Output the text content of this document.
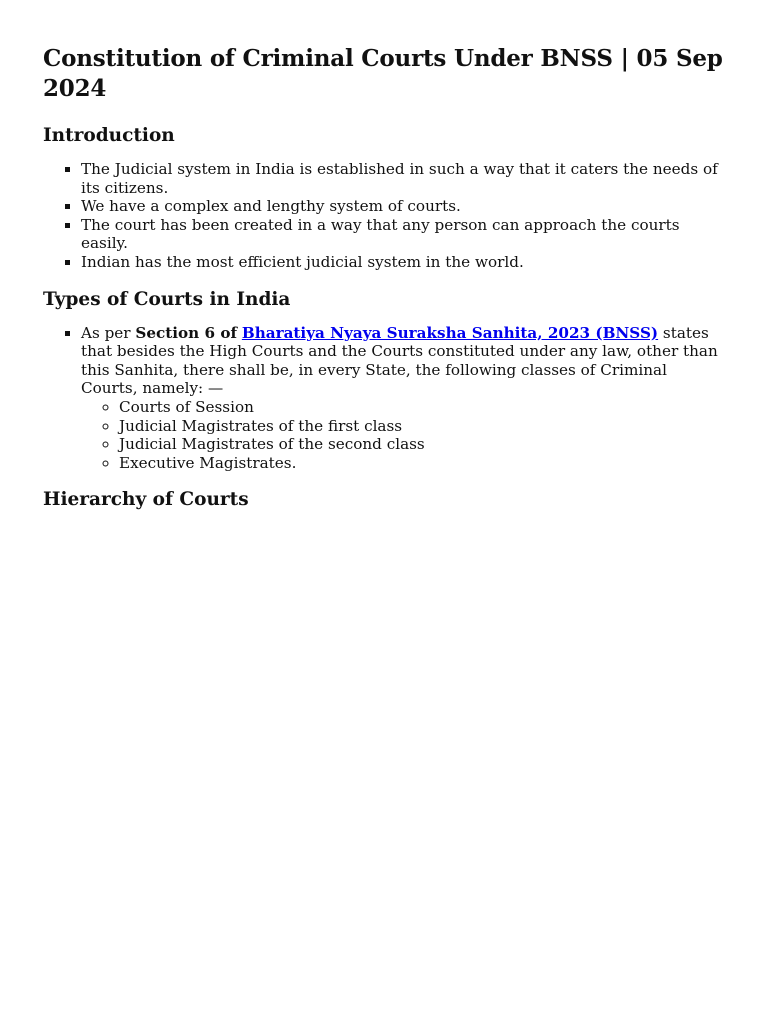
Constitution of Criminal Courts Under BNSS | 05 Sep 2024
Introduction
▪ The Judicial system in India is established in such a way that it caters the needs of its citizens.
▪ We have a complex and lengthy system of courts.
▪ The court has been created in a way that any person can approach the courts easily.
▪ Indian has the most efficient judicial system in the world.
Types of Courts in India
▪ As per Section 6 of Bharatiya Nyaya Suraksha Sanhita, 2023 (BNSS) states that besides the High Courts and the Courts constituted under any law, other than this Sanhita, there shall be, in every State, the following classes of Criminal Courts, namely: —
◦ Courts of Session
◦ Judicial Magistrates of the first class
◦ Judicial Magistrates of the second class
◦ Executive Magistrates.
Hierarchy of Courts
